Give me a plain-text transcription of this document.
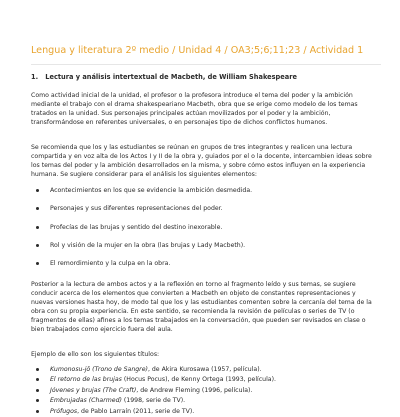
Lengua y literatura 2º medio / Unidad 4 / OA3;5;6;11;23 / Actividad 1
1. Lectura y análisis intertextual de Macbeth, de William Shakespeare

Como actividad inicial de la unidad, el profesor o la profesora introduce el tema del poder y la ambición mediante el trabajo con el drama shakespeariano Macbeth, obra que se erige como modelo de los temas tratados en la unidad. Sus personajes principales actúan movilizados por el poder y la ambición, transformándose en referentes universales, o en personajes tipo de dichos conflictos humanos.

Se recomienda que los y las estudiantes se reúnan en grupos de tres integrantes y realicen una lectura compartida y en voz alta de los Actos I y II de la obra y, guiados por el o la docente, intercambien ideas sobre los temas del poder y la ambición desarrollados en la misma, y sobre cómo estos influyen en la experiencia humana. Se sugiere considerar para el análisis los siguientes elementos:

Acontecimientos en los que se evidencie la ambición desmedida.
Personajes y sus diferentes representaciones del poder.
Profecías de las brujas y sentido del destino inexorable.
Rol y visión de la mujer en la obra (las brujas y Lady Macbeth).
El remordimiento y la culpa en la obra.

Posterior a la lectura de ambos actos y a la reflexión en torno al fragmento leído y sus temas, se sugiere conducir acerca de los elementos que convierten a Macbeth en objeto de constantes representaciones y nuevas versiones hasta hoy, de modo tal que los y las estudiantes comenten sobre la cercanía del tema de la obra con su propia experiencia. En este sentido, se recomienda la revisión de películas o series de TV (o fragmentos de ellas) afines a los temas trabajados en la conversación, que pueden ser revisados en clase o bien trabajados como ejercicio fuera del aula.

Ejemplo de ello son los siguientes títulos:

Kumonosu-jō (Trono de Sangre), de Akira Kurosawa (1957, película).
El retorno de las brujas (Hocus Pocus), de Kenny Ortega (1993, película).
Jóvenes y brujas (The Craft), de Andrew Fleming (1996, película).
Embrujadas (Charmed) (1998, serie de TV).
Prófugos, de Pablo Larraín (2011, serie de TV).
